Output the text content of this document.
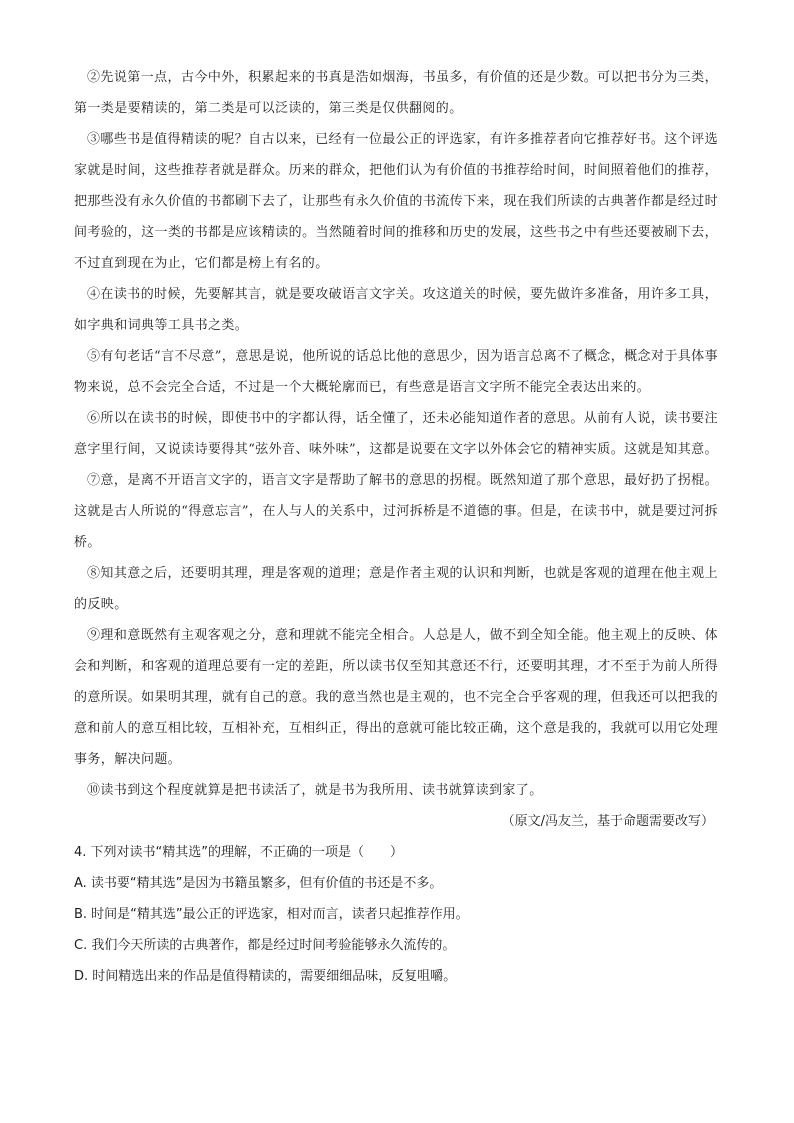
②先说第一点，古今中外，积累起来的书真是浩如烟海，书虽多，有价值的还是少数。可以把书分为三类，第一类是要精读的，第二类是可以泛读的，第三类是仅供翻阅的。

③哪些书是值得精读的呢？自古以来，已经有一位最公正的评选家，有许多推荐者向它推荐好书。这个评选家就是时间，这些推荐者就是群众。历来的群众，把他们认为有价值的书推荐给时间，时间照着他们的推荐，把那些没有永久价值的书都刷下去了，让那些有永久价值的书流传下来，现在我们所读的古典著作都是经过时间考验的，这一类的书都是应该精读的。当然随着时间的推移和历史的发展，这些书之中有些还要被刷下去，不过直到现在为止，它们都是榜上有名的。

④在读书的时候，先要解其言，就是要攻破语言文字关。攻这道关的时候，要先做许多准备，用许多工具，如字典和词典等工具书之类。

⑤有句老话“言不尽意”，意思是说，他所说的话总比他的意思少，因为语言总离不了概念，概念对于具体事物来说，总不会完全合适，不过是一个大概轮廓而已，有些意是语言文字所不能完全表达出来的。

⑥所以在读书的时候，即使书中的字都认得，话全懂了，还未必能知道作者的意思。从前有人说，读书要注意字里行间，又说读诗要得其“弦外音、味外味”，这都是说要在文字以外体会它的精神实质。这就是知其意。

⑦意，是离不开语言文字的，语言文字是帮助了解书的意思的拐棍。既然知道了那个意思，最好扔了拐棍。这就是古人所说的“得意忘言”，在人与人的关系中，过河拆桥是不道德的事。但是，在读书中，就是要过河拆桥。

⑧知其意之后，还要明其理，理是客观的道理；意是作者主观的认识和判断，也就是客观的道理在他主观上的反映。

⑨理和意既然有主观客观之分，意和理就不能完全相合。人总是人，做不到全知全能。他主观上的反映、体会和判断，和客观的道理总要有一定的差距，所以读书仅至知其意还不行，还要明其理，才不至于为前人所得的意所误。如果明其理，就有自己的意。我的意当然也是主观的，也不完全合乎客观的理，但我还可以把我的意和前人的意互相比较，互相补充，互相纠正，得出的意就可能比较正确，这个意是我的，我就可以用它处理事务，解决问题。

⑩读书到这个程度就算是把书读活了，就是书为我所用、读书就算读到家了。

（原文/冯友兰，基于命题需要改写）

4. 下列对读书“精其选”的理解，不正确的一项是（　　）

A. 读书要“精其选”是因为书籍虽繁多，但有价值的书还是不多。

B. 时间是“精其选”最公正的评选家，相对而言，读者只起推荐作用。

C. 我们今天所读的古典著作，都是经过时间考验能够永久流传的。

D. 时间精选出来的作品是值得精读的，需要细细品味，反复咀嚼。
